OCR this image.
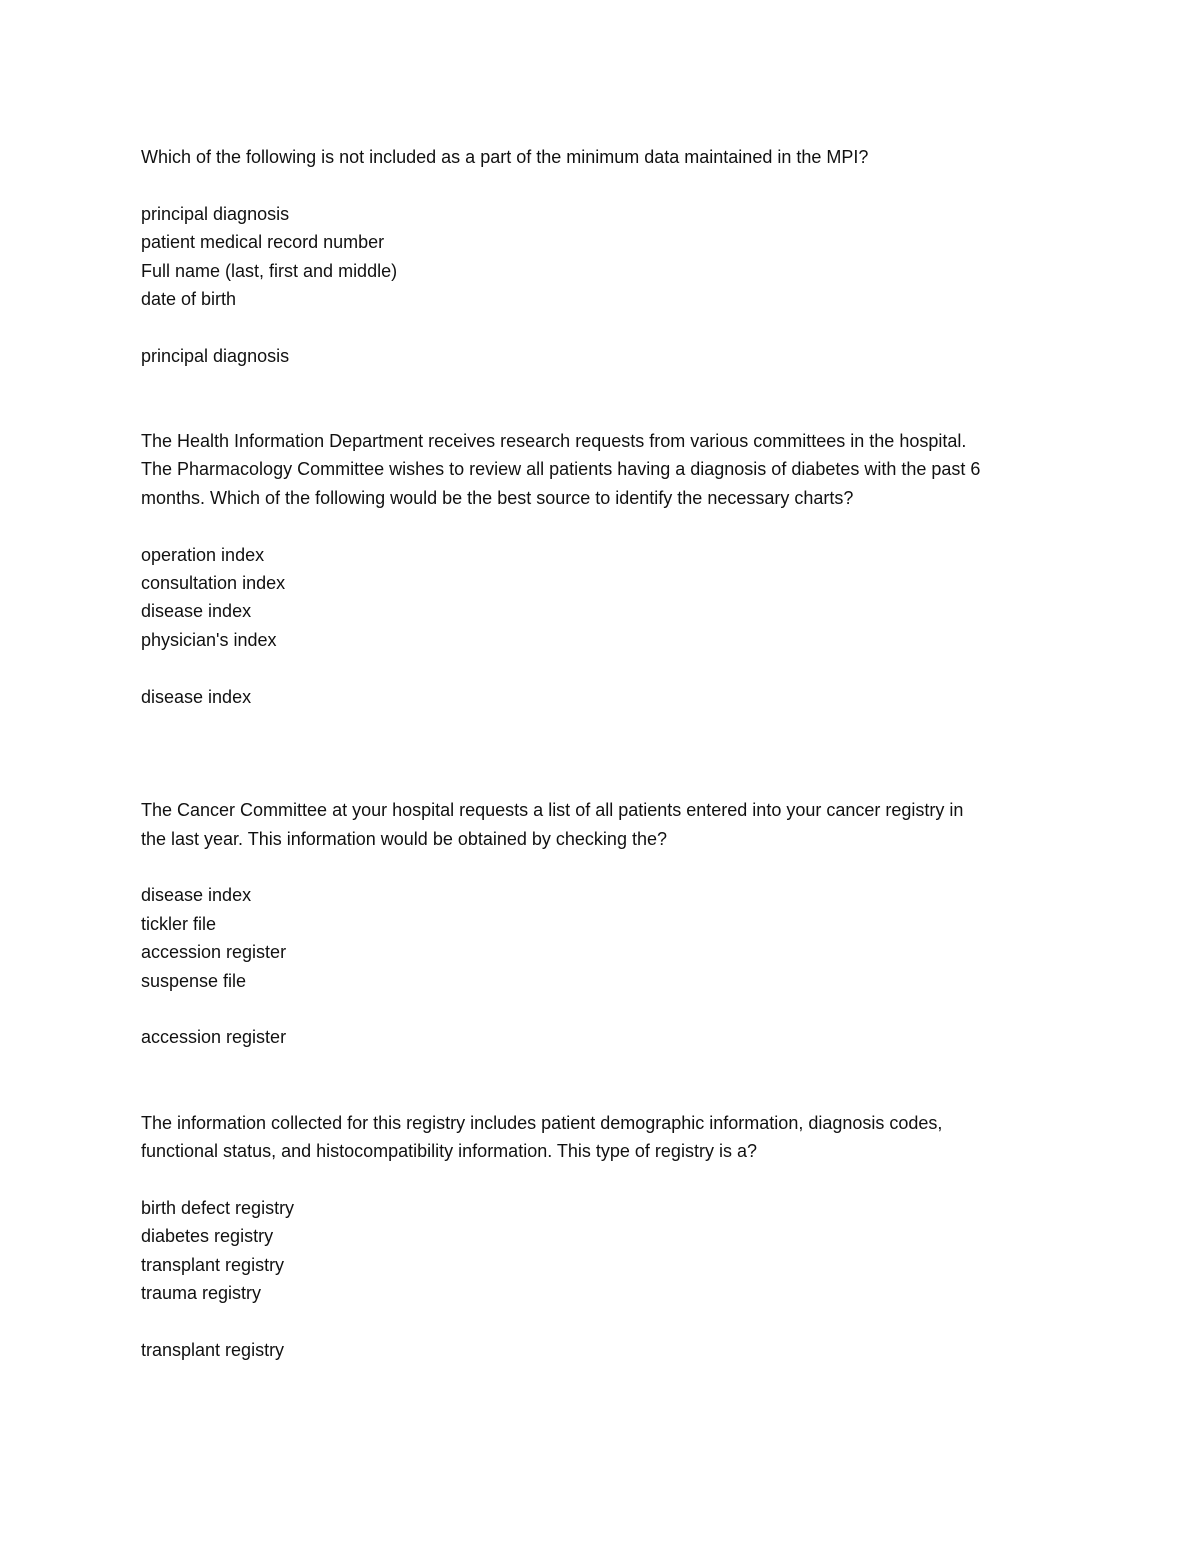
Which of the following is not included as a part of the minimum data maintained in the MPI?
principal diagnosis
patient medical record number
Full name (last, first and middle)
date of birth
principal diagnosis
The Health Information Department receives research requests from various committees in the hospital.
The Pharmacology Committee wishes to review all patients having a diagnosis of diabetes with the past 6
months. Which of the following would be the best source to identify the necessary charts?
operation index
consultation index
disease index
physician's index
disease index
The Cancer Committee at your hospital requests a list of all patients entered into your cancer registry in
the last year. This information would be obtained by checking the?
disease index
tickler file
accession register
suspense file
accession register
The information collected for this registry includes patient demographic information, diagnosis codes,
functional status, and histocompatibility information. This type of registry is a?
birth defect registry
diabetes registry
transplant registry
trauma registry
transplant registry
